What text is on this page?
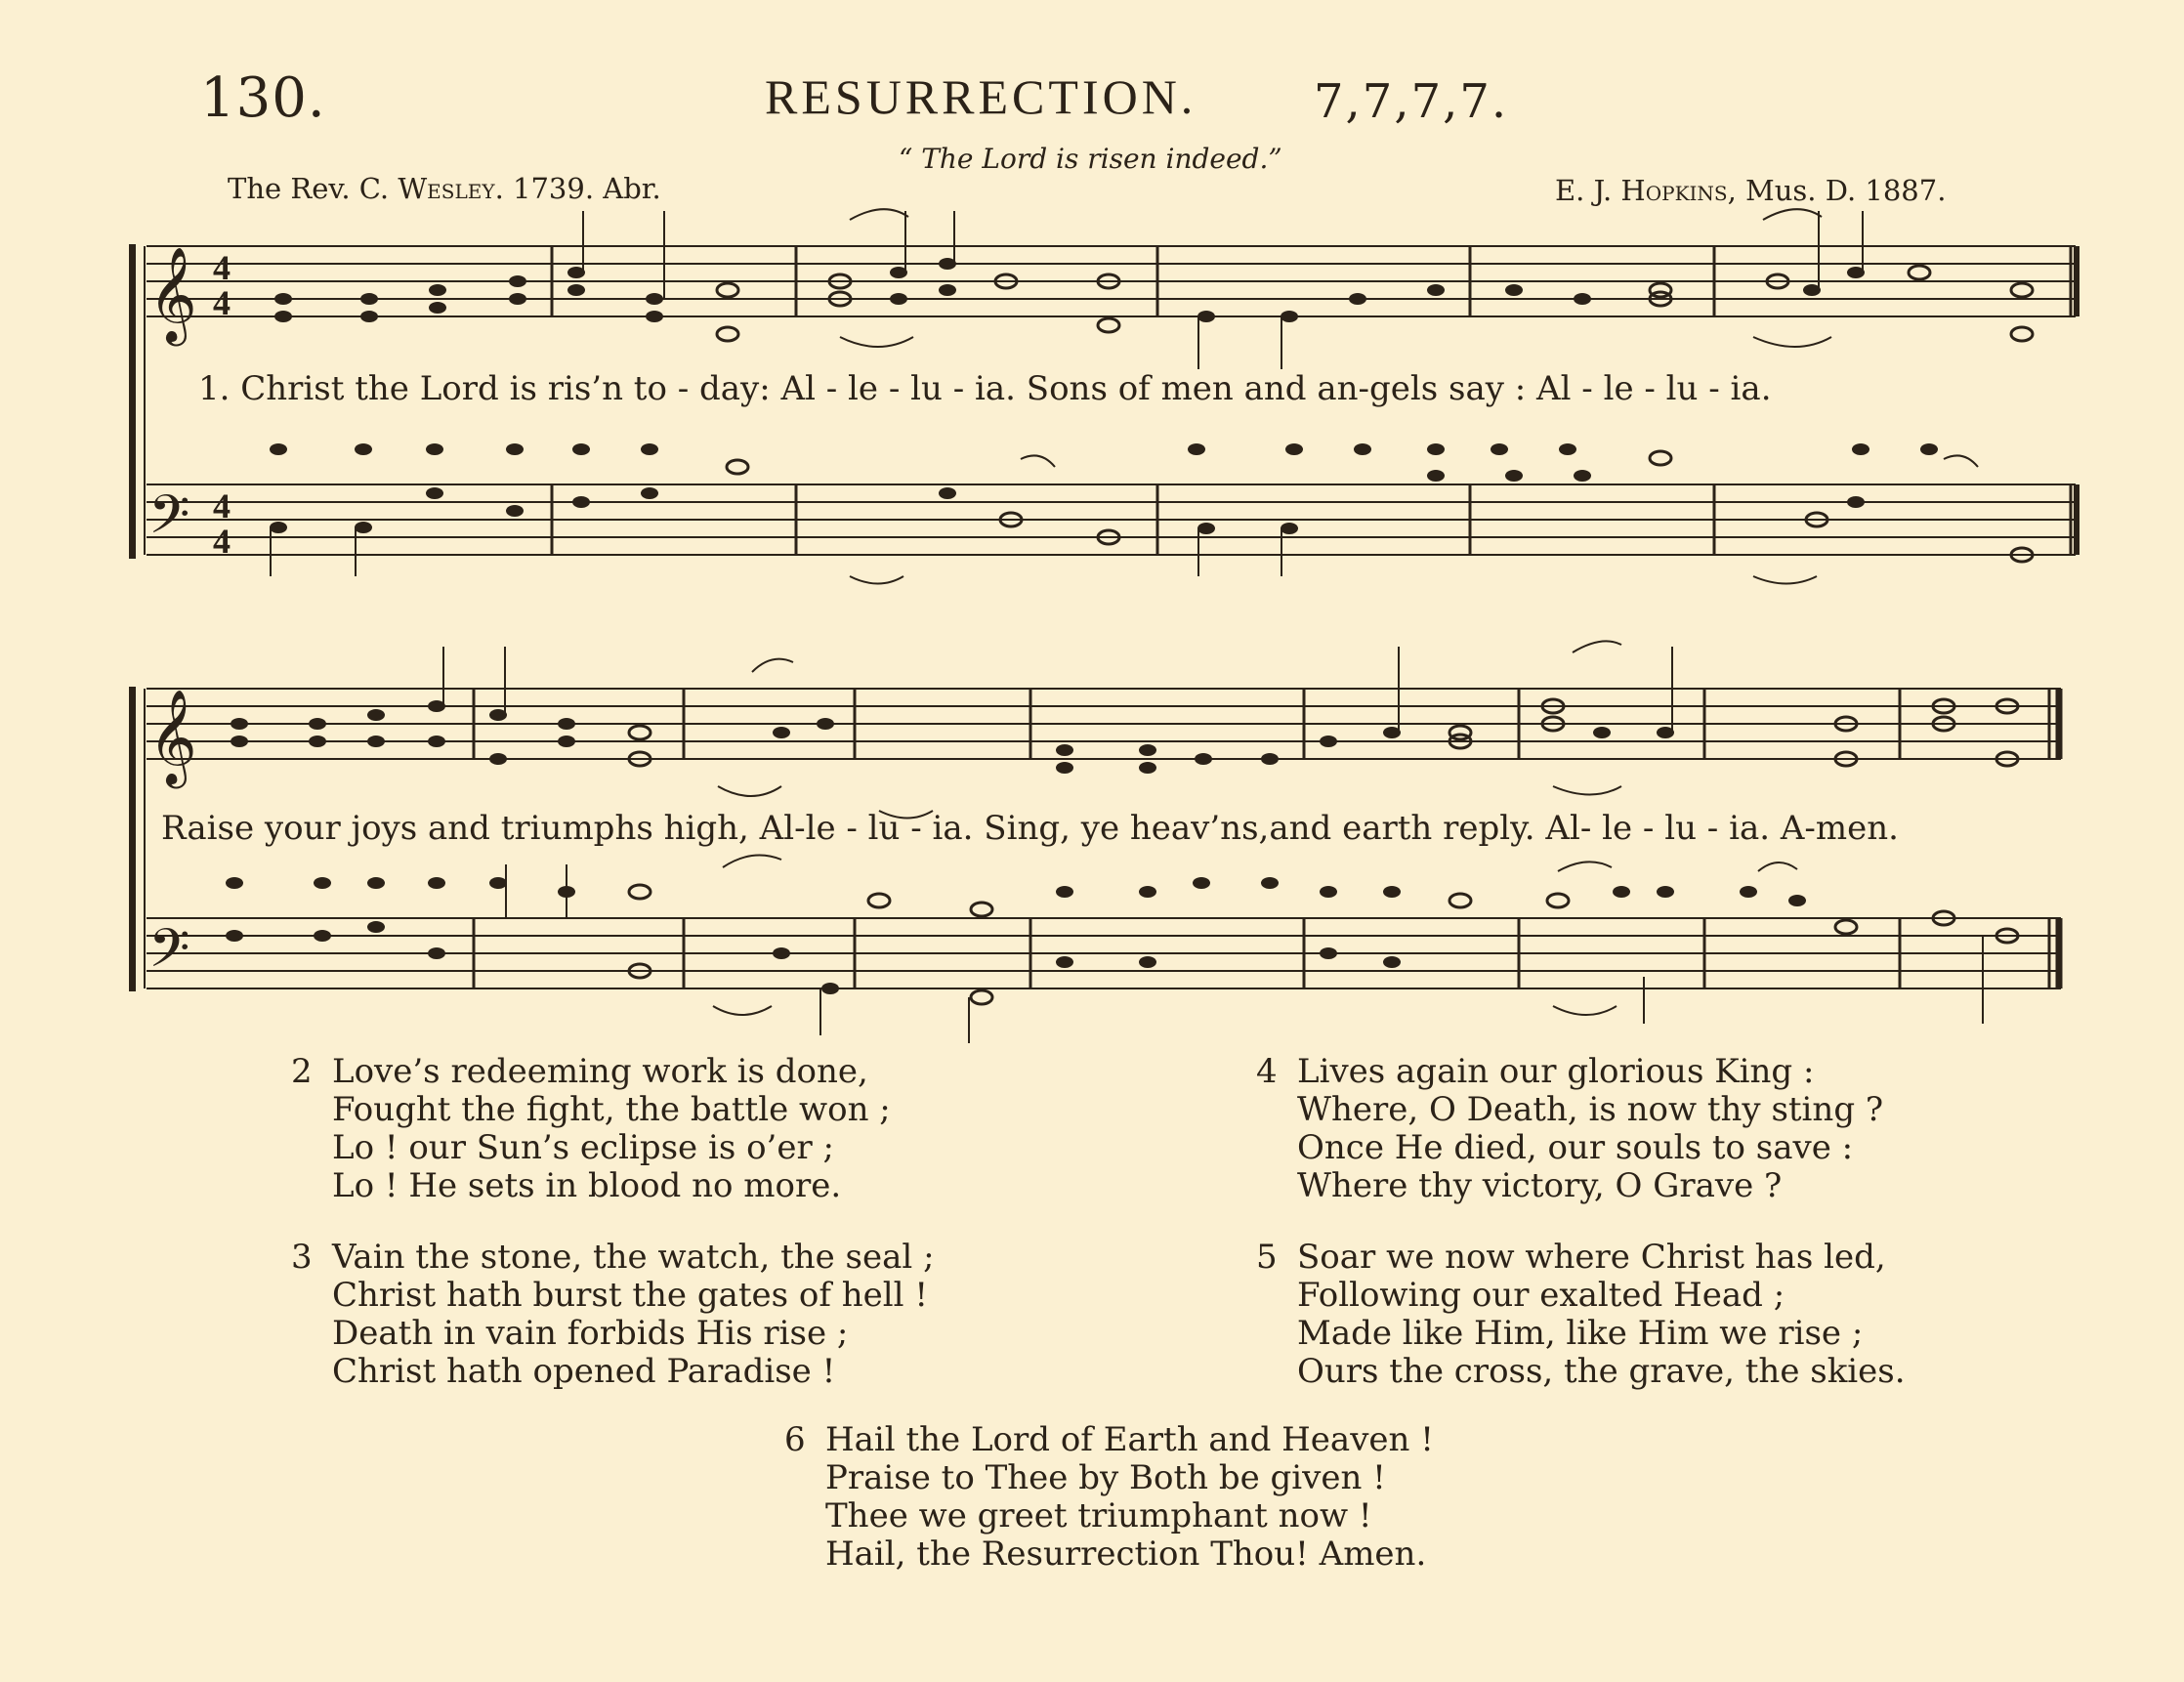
130.	RESURRECTION. 7,7,7,7.
“ The Lord is risen indeed.”
The Rev. C. Wesley. 1739. Abr.	E. J. Hopkins, Mus. D. 1887.
𝄞
𝄢
4
4
4
4
1. Christ the Lord is ris’n to - day: Al - le - lu - ia. Sons of men and an-gels say : Al - le - lu - ia.
𝄞
𝄢
Raise your joys and triumphs high, Al-le - lu - ia. Sing, ye heav’ns,and earth reply. Al- le - lu - ia. A-men.
2 Love’s redeeming work is done,
Fought the fight, the battle won ;
Lo ! our Sun’s eclipse is o’er ;
Lo ! He sets in blood no more.
3 Vain the stone, the watch, the seal ;
Christ hath burst the gates of hell !
Death in vain forbids His rise ;
Christ hath opened Paradise !
4 Lives again our glorious King :
Where, O Death, is now thy sting ?
Once He died, our souls to save :
Where thy victory, O Grave ?
5 Soar we now where Christ has led,
Following our exalted Head ;
Made like Him, like Him we rise ;
Ours the cross, the grave, the skies.
6 Hail the Lord of Earth and Heaven !
Praise to Thee by Both be given !
Thee we greet triumphant now !
Hail, the Resurrection Thou! Amen.
